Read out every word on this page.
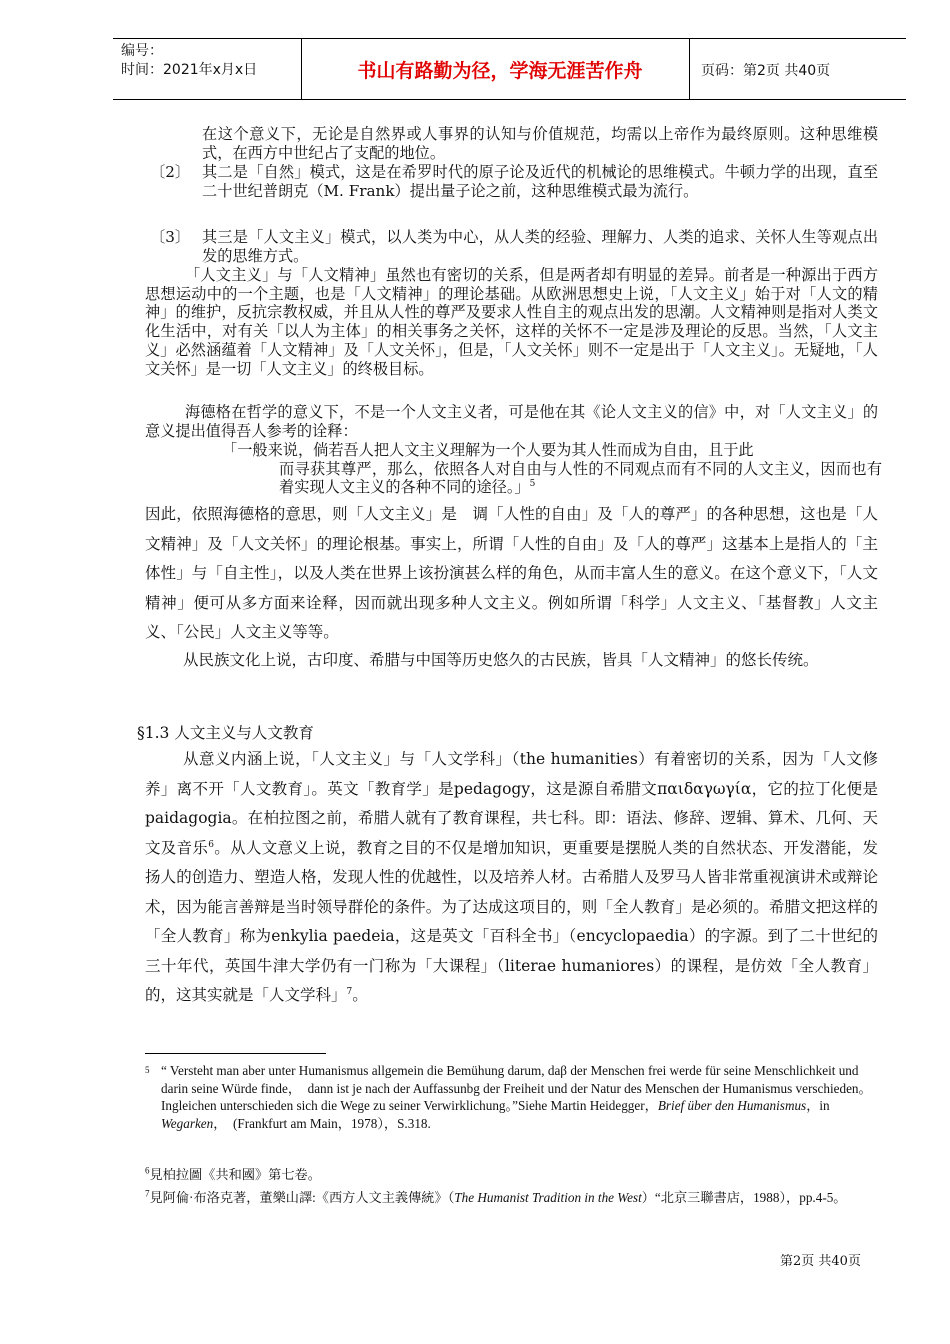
编号：
时间：2021年x月x日	书山有路勤为径，学海无涯苦作舟	页码：第2页 共40页

在这个意义下，无论是自然界或人事界的认知与价值规范，均需以上帝作为最终原则。这种思维模式，在西方中世纪占了支配的地位。

〔2〕 其二是「自然」模式，这是在希罗时代的原子论及近代的机械论的思维模式。牛顿力学的出现，直至二十世纪普朗克（M. Frank）提出量子论之前，这种思维模式最为流行。

〔3〕 其三是「人文主义」模式，以人类为中心，从人类的经验、理解力、人类的追求、关怀人生等观点出发的思维方式。

「人文主义」与「人文精神」虽然也有密切的关系，但是两者却有明显的差异。前者是一种源出于西方思想运动中的一个主题，也是「人文精神」的理论基础。从欧洲思想史上说，「人文主义」始于对「人文的精神」的维护，反抗宗教权威，并且从人性的尊严及要求人性自主的观点出发的思潮。人文精神则是指对人类文化生活中，对有关「以人为主体」的相关事务之关怀，这样的关怀不一定是涉及理论的反思。当然，「人文主义」必然涵蕴着「人文精神」及「人文关怀」，但是，「人文关怀」则不一定是出于「人文主义」。无疑地，「人文关怀」是一切「人文主义」的终极目标。

海德格在哲学的意义下，不是一个人文主义者，可是他在其《论人文主义的信》中，对「人文主义」的意义提出值得吾人参考的诠释：

「一般来说，倘若吾人把人文主义理解为一个人要为其人性而成为自由，且于此
而寻获其尊严，那么，依照各人对自由与人性的不同观点而有不同的人文主义，因而也有着实现人文主义的各种不同的途径。」$^5$

因此，依照海德格的意思，则「人文主义」是　调「人性的自由」及「人的尊严」的各种思想，这也是「人文精神」及「人文关怀」的理论根基。事实上，所谓「人性的自由」及「人的尊严」这基本上是指人的「主体性」与「自主性」，以及人类在世界上该扮演甚么样的角色，从而丰富人生的意义。在这个意义下，「人文精神」便可从多方面来诠释，因而就出现多种人文主义。例如所谓「科学」人文主义、「基督教」人文主义、「公民」人文主义等等。

从民族文化上说，古印度、希腊与中国等历史悠久的古民族，皆具「人文精神」的悠长传统。

§1.3 人文主义与人文教育

从意义内涵上说，「人文主义」与「人文学科」（the humanities）有着密切的关系，因为「人文修养」离不开「人文教育」。英文「教育学」是pedagogy，这是源自希腊文παιδαγωγία，它的拉丁化便是paidagogia。在柏拉图之前，希腊人就有了教育课程，共七科。即：语法、修辞、逻辑、算术、几何、天文及音乐$^6$。从人文意义上说，教育之目的不仅是增加知识，更重要是摆脱人类的自然状态、开发潜能，发扬人的创造力、塑造人格，发现人性的优越性，以及培养人材。古希腊人及罗马人皆非常重视演讲术或辩论术，因为能言善辩是当时领导群伦的条件。为了达成这项目的，则「全人教育」是必须的。希腊文把这样的「全人教育」称为enkylia paedeia，这是英文「百科全书」（encyclopaedia）的字源。到了二十世纪的三十年代，英国牛津大学仍有一门称为「大课程」（literae humaniores）的课程，是仿效「全人教育」的，这其实就是「人文学科」$^7$。

5 “ Versteht man aber unter Humanismus allgemein die Bemühung darum, daβ der Menschen frei werde für seine Menschlichkeit und darin seine Würde finde，　dann ist je nach der Auffassunbg der Freiheit und der Natur des Menschen der Humanismus verschieden。 Ingleichen unterschieden sich die Wege zu seiner Verwirklichung。”Siehe Martin Heidegger，Brief über den Humanismus，in Wegarken，　(Frankfurt am Main，1978），S.318.
$^6$見柏拉圖《共和國》第七卷。
$^7$見阿倫·布洛克著，董樂山譯:《西方人文主義傳統》（The Humanist Tradition in the West）“北京三聯書店，1988），pp.4-5。
第2页 共40页
